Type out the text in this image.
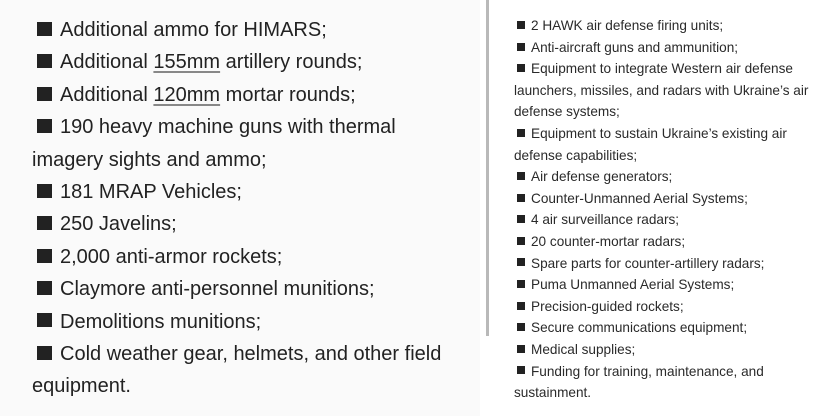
Additional ammo for HIMARS;
Additional 155mm artillery rounds;
Additional 120mm mortar rounds;
190 heavy machine guns with thermal imagery sights and ammo;
181 MRAP Vehicles;
250 Javelins;
2,000 anti-armor rockets;
Claymore anti-personnel munitions;
Demolitions munitions;
Cold weather gear, helmets, and other field equipment.
2 HAWK air defense firing units;
Anti-aircraft guns and ammunition;
Equipment to integrate Western air defense launchers, missiles, and radars with Ukraine’s air defense systems;
Equipment to sustain Ukraine’s existing air defense capabilities;
Air defense generators;
Counter-Unmanned Aerial Systems;
4 air surveillance radars;
20 counter-mortar radars;
Spare parts for counter-artillery radars;
Puma Unmanned Aerial Systems;
Precision-guided rockets;
Secure communications equipment;
Medical supplies;
Funding for training, maintenance, and sustainment.
